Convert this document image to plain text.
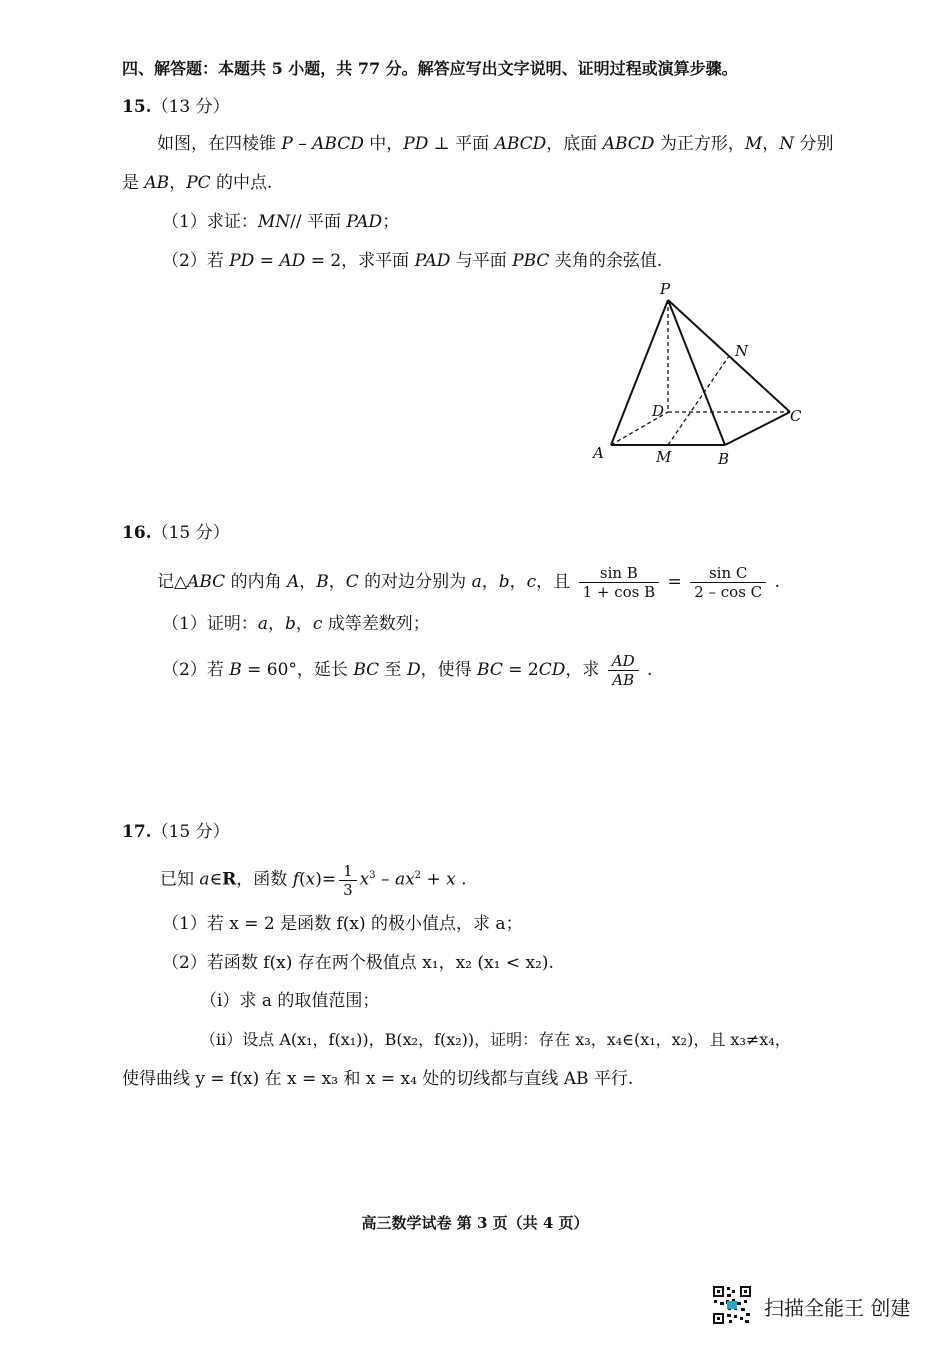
四、解答题：本题共 5 小题，共 77 分。解答应写出文字说明、证明过程或演算步骤。
15.（13 分）
如图，在四棱锥 P – ABCD 中，PD ⊥ 平面 ABCD，底面 ABCD 为正方形，M，N 分别
是 AB，PC 的中点.
（1）求证：MN// 平面 PAD；
（2）若 PD = AD = 2，求平面 PAD 与平面 PBC 夹角的余弦值.
P
N
D	C
A	M	B
16.（15 分）
记△ABC 的内角 A，B，C 的对边分别为 a，b，c，且 $\frac{\text{sin B}}{\text{1 + cos B}} = \frac{\text{sin C}}{\text{2 – cos C}}$ .
（1）证明：a，b，c 成等差数列；
（2）若 B = 60°，延长 BC 至 D，使得 BC = 2CD，求 $\frac{AD}{AB}$ .
17.（15 分）
已知 a∈R，函数 $f(x)= \frac{1}{3} x^3 - ax^2 + x$ .
（1）若 x = 2 是函数 f(x) 的极小值点，求 a；
（2）若函数 f(x) 存在两个极值点 x₁，x₂ (x₁ < x₂).
（ⅰ）求 a 的取值范围；
（ⅱ）设点 A(x₁，f(x₁))，B(x₂，f(x₂))，证明：存在 x₃，x₄∈(x₁，x₂)，且 x₃≠x₄，
使得曲线 y = f(x) 在 x = x₃ 和 x = x₄ 处的切线都与直线 AB 平行.
高三数学试卷 第 3 页（共 4 页）
扫描全能王 创建
